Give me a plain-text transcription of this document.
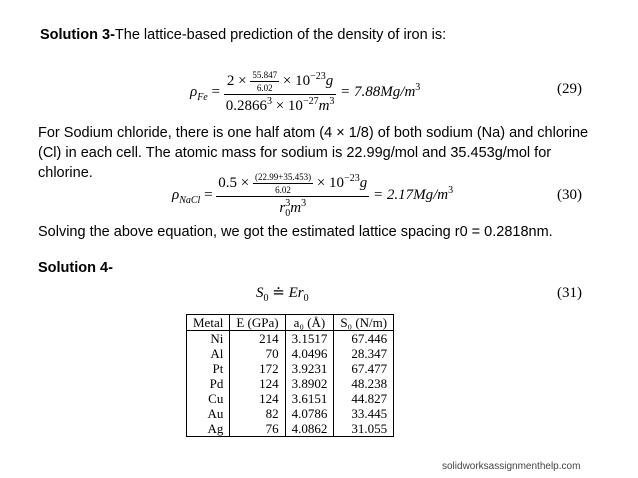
Solution 3-The lattice-based prediction of the density of iron is:
$\rho_{Fe} = \frac{2 \times \frac{55.847}{6.02} \times 10^{-23}g}{0.2866^3 \times 10^{-27}m^3} = 7.88Mg/m^3$	(29)
For Sodium chloride, there is one half atom (4 × 1/8) of both sodium (Na) and chlorine
(Cl) in each cell. The atomic mass for sodium is 22.99g/mol and 35.453g/mol for
chlorine.
$\rho_{NaCl}$ =
$0.5 \times \frac{(22.99+35.453)}{6.02} \times 10^{-23}g$
$r^3_0m^3$
= $2.17Mg/m^3$	(30)
Solving the above equation, we got the estimated lattice spacing r0 = 0.2818nm.
Solution 4-
$S_0$ ≐ $Er_0$	(31)
Metal	E (GPa)	a₀ (Å)	S₀ (N/m)
Ni	214	3.1517	67.446
Al	70	4.0496	28.347
Pt	172	3.9231	67.477
Pd	124	3.8902	48.238
Cu	124	3.6151	44.827
Au	82	4.0786	33.445
Ag	76	4.0862	31.055
solidworksassignmenthelp.com
